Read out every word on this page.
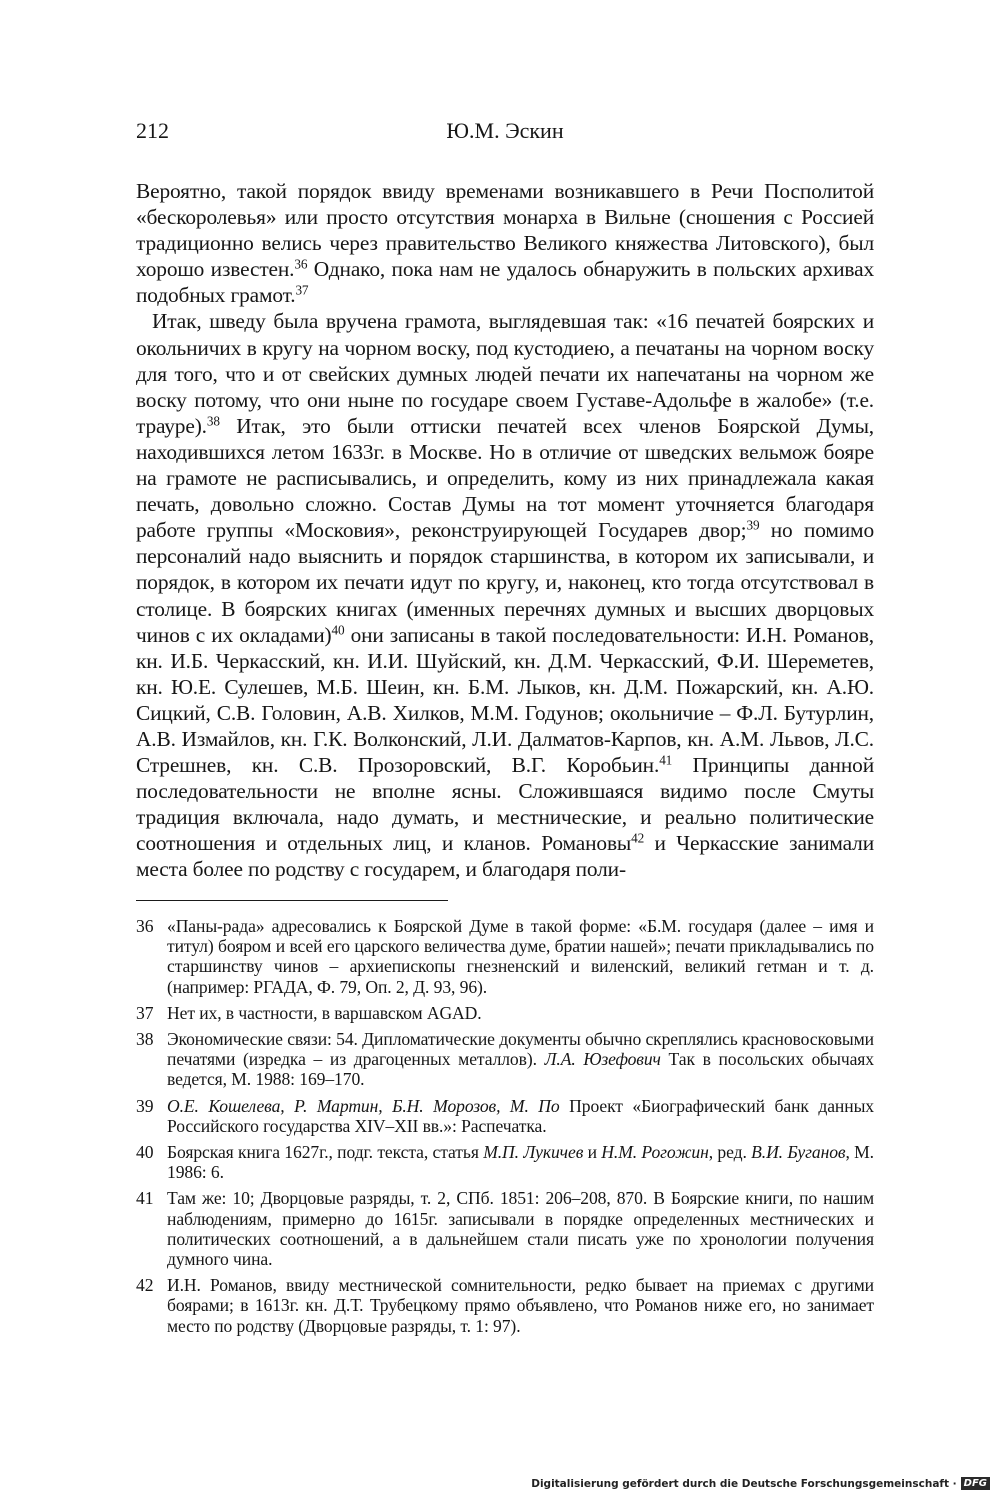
212	Ю.М. Эскин

Вероятно, такой порядок ввиду временами возникавшего в Речи Посполитой «бескоролевья» или просто отсутствия монарха в Вильне (сношения с Россией традиционно велись через правительство Великого княжества Литовского), был хорошо известен.$^{36}$ Однако, пока нам не удалось обнаружить в польских архивах подобных грамот.$^{37}$

Итак, шведу была вручена грамота, выглядевшая так: «16 печатей боярских и окольничих в кругу на чорном воску, под кустодиею, а печатаны на чорном воску для того, что и от свейских думных людей печати их напечатаны на чорном же воску потому, что они ныне по государе своем Густаве-Адольфе в жалобе» (т.е. трауре).$^{38}$ Итак, это были оттиски печатей всех членов Боярской Думы, находившихся летом 1633г. в Москве. Но в отличие от шведских вельмож бояре на грамоте не расписывались, и определить, кому из них принадлежала какая печать, довольно сложно. Состав Думы на тот момент уточняется благодаря работе группы «Московия», реконструирующей Государев двор;$^{39}$ но помимо персоналий надо выяснить и порядок старшинства, в котором их записывали, и порядок, в котором их печати идут по кругу, и, наконец, кто тогда отсутствовал в столице. В боярских книгах (именных перечнях думных и высших дворцовых чинов с их окладами)$^{40}$ они записаны в такой последовательности: И.Н. Романов, кн. И.Б. Черкасский, кн. И.И. Шуйский, кн. Д.М. Черкасский, Ф.И. Шереметев, кн. Ю.Е. Сулешев, М.Б. Шеин, кн. Б.М. Лыков, кн. Д.М. Пожарский, кн. А.Ю. Сицкий, С.В. Головин, А.В. Хилков, М.М. Годунов; окольничие – Ф.Л. Бутурлин, А.В. Измайлов, кн. Г.К. Волконский, Л.И. Далматов-Карпов, кн. А.М. Львов, Л.С. Стрешнев, кн. С.В. Прозоровский, В.Г. Коробьин.$^{41}$ Принципы данной последовательности не вполне ясны. Сложившаяся видимо после Смуты традиция включала, надо думать, и местнические, и реально политические соотношения и отдельных лиц, и кланов. Романовы$^{42}$ и Черкасские занимали места более по родству с государем, и благодаря поли-

36 «Паны-рада» адресовались к Боярской Думе в такой форме: «Б.М. государя (далее – имя и титул) бояром и всей его царского величества думе, братии нашей»; печати прикладывались по старшинству чинов – архиепископы гнезненский и виленский, великий гетман и т. д. (например: РГАДА, Ф. 79, Оп. 2, Д. 93, 96).
37 Нет их, в частности, в варшавском AGAD.
38 Экономические связи: 54. Дипломатические документы обычно скреплялись красновосковыми печатями (изредка – из драгоценных металлов). Л.А. Юзефович Так в посольских обычаях ведется, М. 1988: 169–170.
39 О.Е. Кошелева, Р. Мартин, Б.Н. Морозов, М. По Проект «Биографический банк данных Российского государства XIV–XII вв.»: Распечатка.
40 Боярская книга 1627г., подг. текста, статья М.П. Лукичев и Н.М. Рогожин, ред. В.И. Буганов, М. 1986: 6.
41 Там же: 10; Дворцовые разряды, т. 2, СПб. 1851: 206–208, 870. В Боярские книги, по нашим наблюдениям, примерно до 1615г. записывали в порядке определенных местнических и политических соотношений, а в дальнейшем стали писать уже по хронологии получения думного чина.
42 И.Н. Романов, ввиду местнической сомнительности, редко бывает на приемах с другими боярами; в 1613г. кн. Д.Т. Трубецкому прямо объявлено, что Романов ниже его, но занимает место по родству (Дворцовые разряды, т. 1: 97).
Digitalisierung gefördert durch die Deutsche Forschungsgemeinschaft · DFG
